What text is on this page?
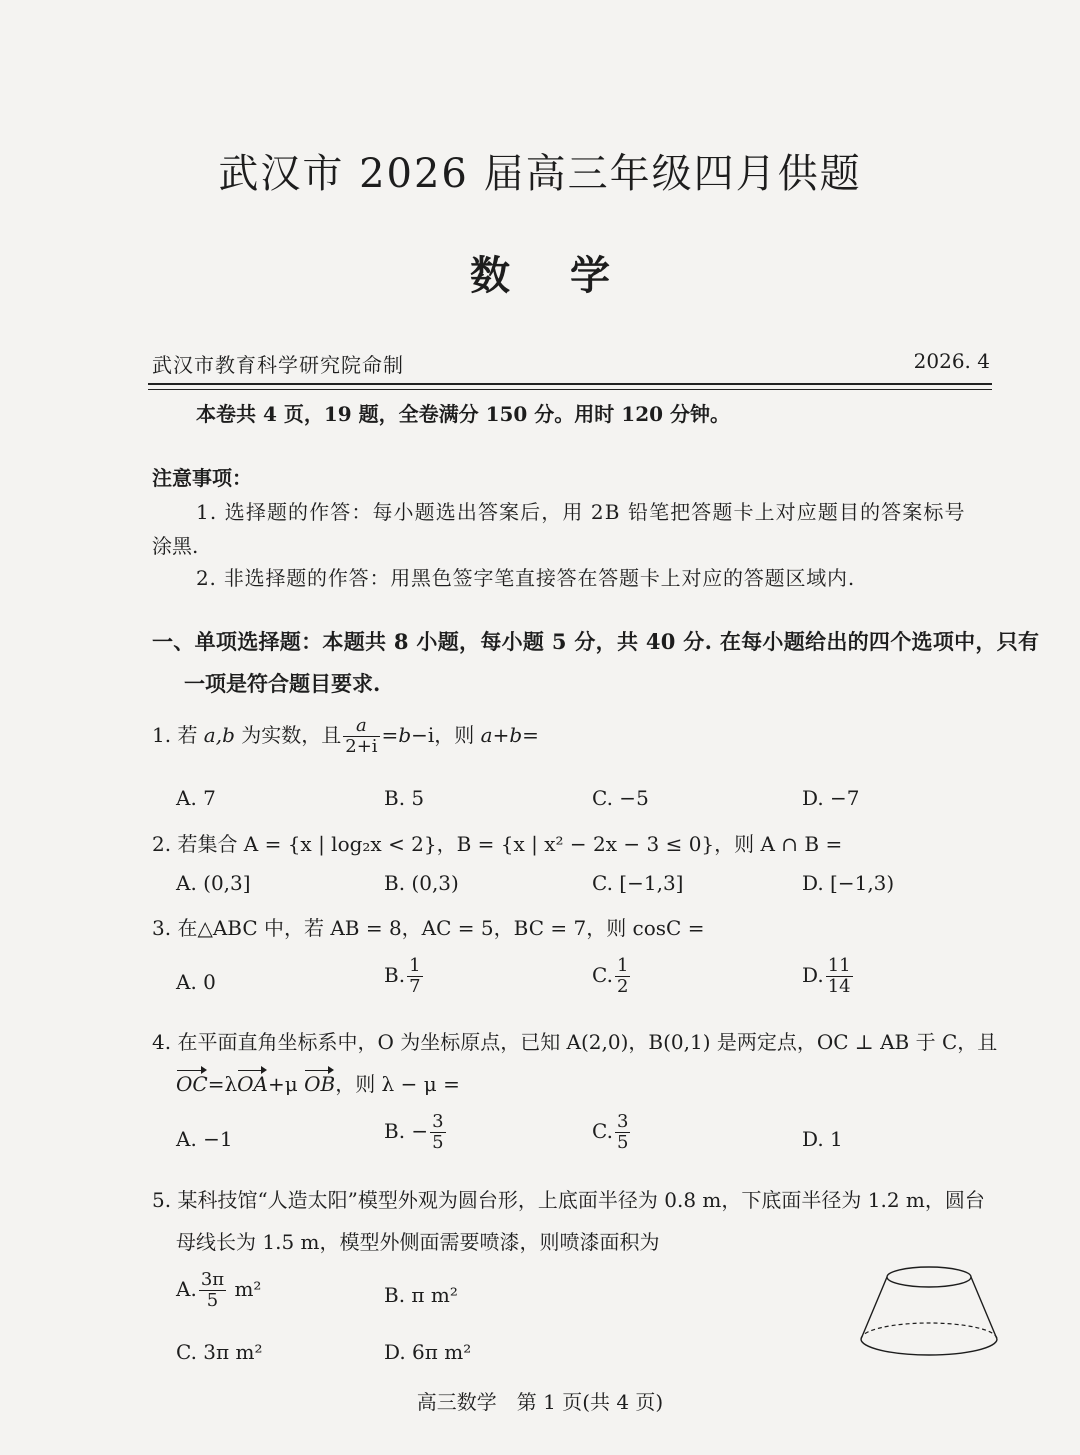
武汉市 2026 届高三年级四月供题
数 学
武汉市教育科学研究院命制	2026. 4
本卷共 4 页，19 题，全卷满分 150 分。用时 120 分钟。
注意事项：
1. 选择题的作答：每小题选出答案后，用 2B 铅笔把答题卡上对应题目的答案标号
涂黑.
2. 非选择题的作答：用黑色签字笔直接答在答题卡上对应的答题区域内.
一、单项选择题：本题共 8 小题，每小题 5 分，共 40 分. 在每小题给出的四个选项中，只有
一项是符合题目要求.
1. 若 a,b 为实数，且 $\frac{a}{2+i} =b-i$，则 a+b=
A. 7	B. 5	C. −5	D. −7
2. 若集合 A = {x | log₂x < 2}，B = {x | x² − 2x − 3 ≤ 0}，则 A ∩ B =
A. (0,3]	B. (0,3)	C. [−1,3]	D. [−1,3)
3. 在△ABC 中，若 AB = 8，AC = 5，BC = 7，则 cosC =
A. 0	B. $\frac{1}{7}$	C. $\frac{1}{2}$	D. $\frac{11}{14}$
4. 在平面直角坐标系中，O 为坐标原点，已知 A(2,0)，B(0,1) 是两定点，OC ⊥ AB 于 C，且
OC=λOA+μ OB，则 λ − μ =
A. −1	B. − $\frac{3}{5}$	C. $\frac{3}{5}$	D. 1
5. 某科技馆“人造太阳”模型外观为圆台形，上底面半径为 0.8 m，下底面半径为 1.2 m，圆台
母线长为 1.5 m，模型外侧面需要喷漆，则喷漆面积为
A. $\frac{3\pi}{5} m^2$	B. π m²
C. 3π m²	D. 6π m²
高三数学　第 1 页(共 4 页)
